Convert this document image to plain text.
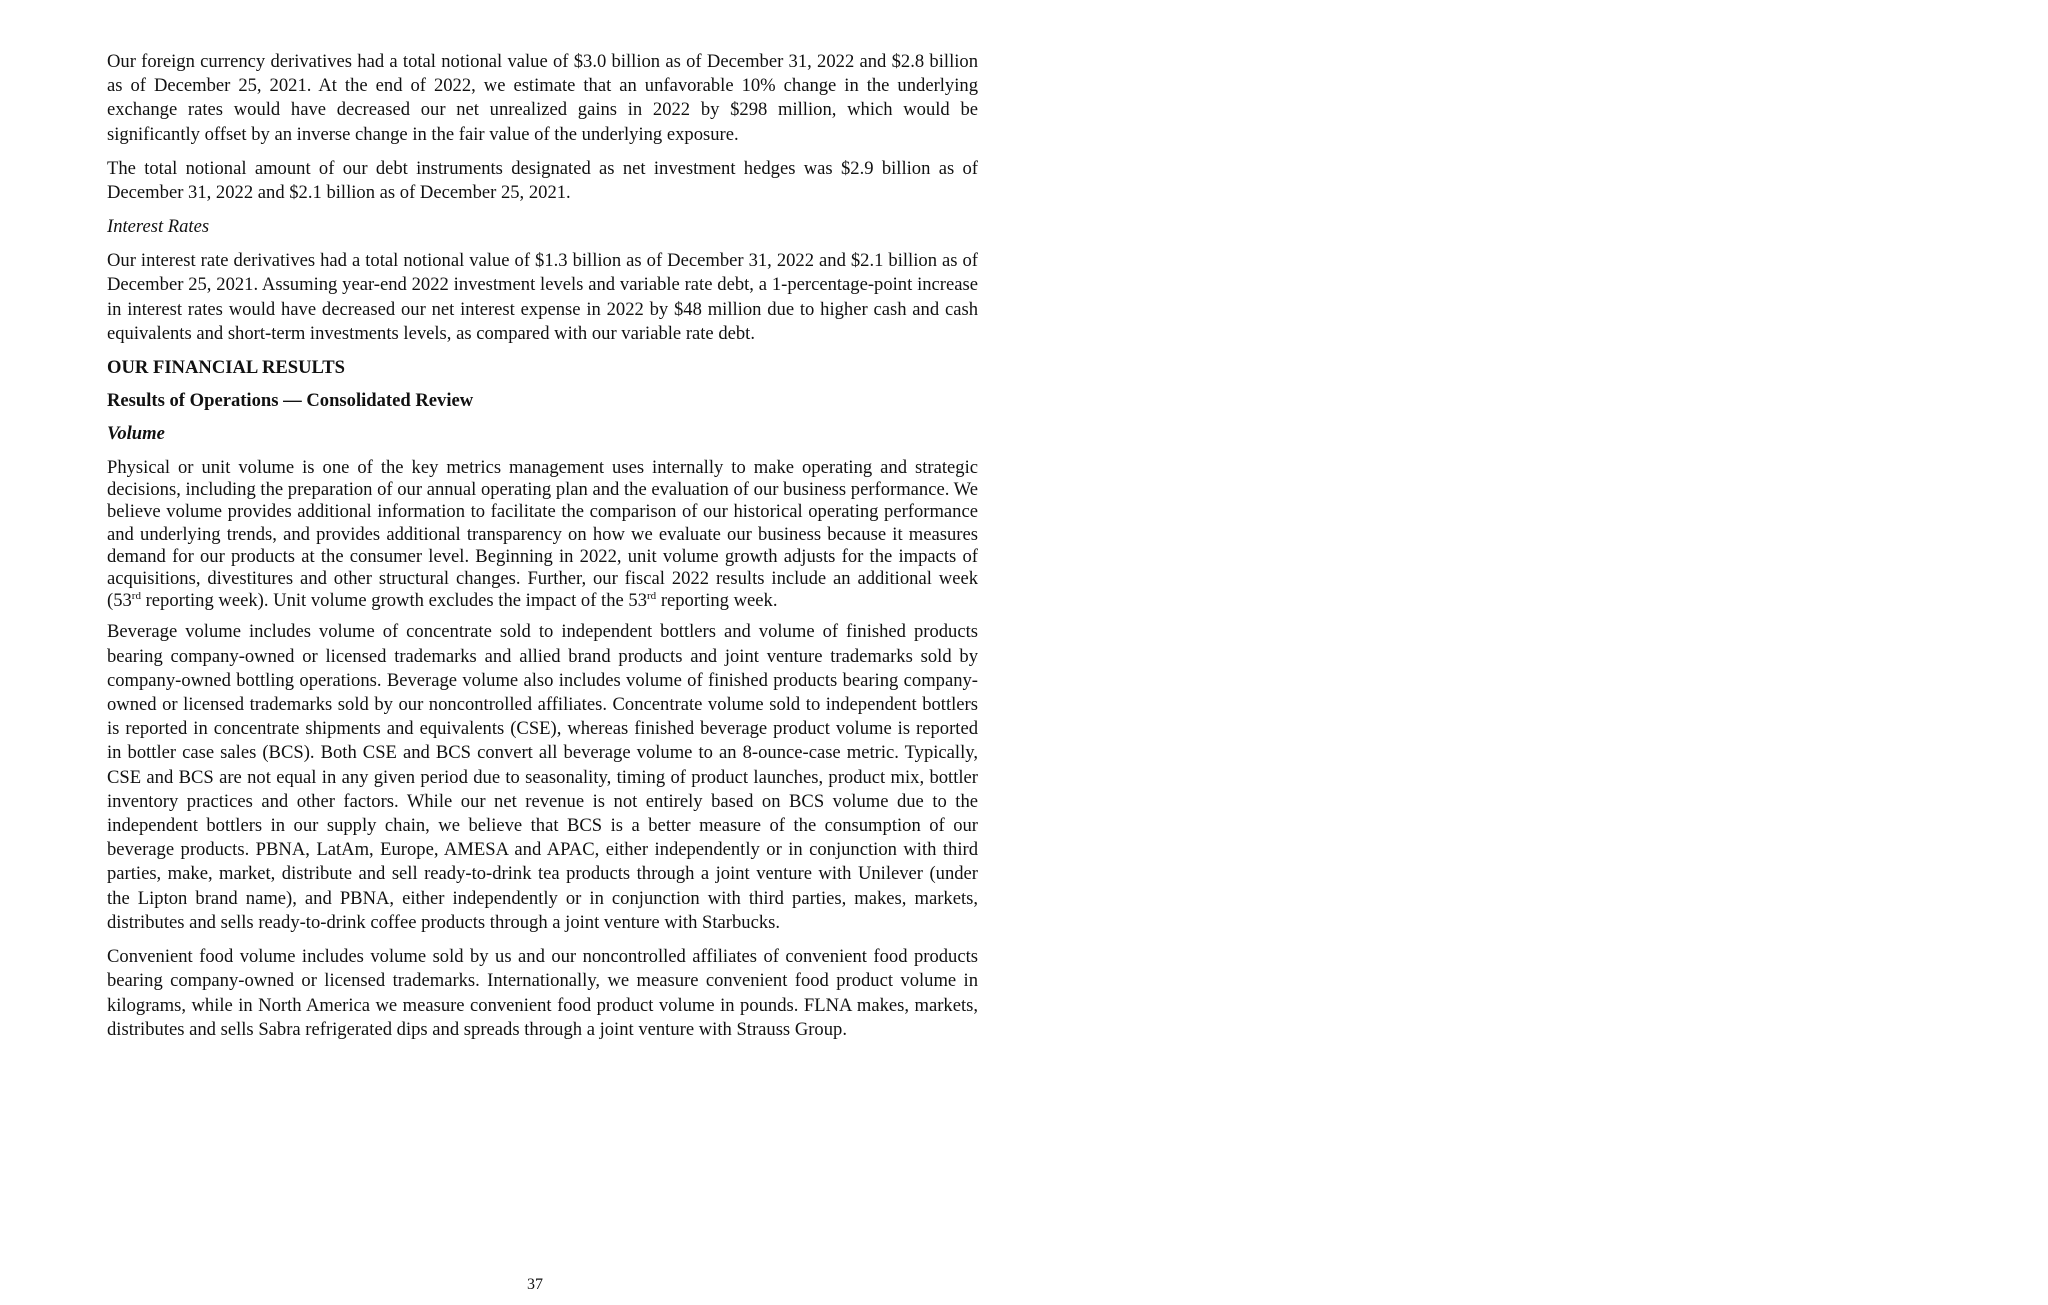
Our foreign currency derivatives had a total notional value of $3.0 billion as of December 31, 2022 and $2.8 billion as of December 25, 2021. At the end of 2022, we estimate that an unfavorable 10% change in the underlying exchange rates would have decreased our net unrealized gains in 2022 by $298 million, which would be significantly offset by an inverse change in the fair value of the underlying exposure.

The total notional amount of our debt instruments designated as net investment hedges was $2.9 billion as of December 31, 2022 and $2.1 billion as of December 25, 2021.

Interest Rates

Our interest rate derivatives had a total notional value of $1.3 billion as of December 31, 2022 and $2.1 billion as of December 25, 2021. Assuming year-end 2022 investment levels and variable rate debt, a 1-percentage-point increase in interest rates would have decreased our net interest expense in 2022 by $48 million due to higher cash and cash equivalents and short-term investments levels, as compared with our variable rate debt.

OUR FINANCIAL RESULTS
Results of Operations — Consolidated Review
Volume

Physical or unit volume is one of the key metrics management uses internally to make operating and strategic decisions, including the preparation of our annual operating plan and the evaluation of our business performance. We believe volume provides additional information to facilitate the comparison of our historical operating performance and underlying trends, and provides additional transparency on how we evaluate our business because it measures demand for our products at the consumer level. Beginning in 2022, unit volume growth adjusts for the impacts of acquisitions, divestitures and other structural changes. Further, our fiscal 2022 results include an additional week (53rd reporting week). Unit volume growth excludes the impact of the 53rd reporting week.

Beverage volume includes volume of concentrate sold to independent bottlers and volume of finished products bearing company-owned or licensed trademarks and allied brand products and joint venture trademarks sold by company-owned bottling operations. Beverage volume also includes volume of finished products bearing company-owned or licensed trademarks sold by our noncontrolled affiliates. Concentrate volume sold to independent bottlers is reported in concentrate shipments and equivalents (CSE), whereas finished beverage product volume is reported in bottler case sales (BCS). Both CSE and BCS convert all beverage volume to an 8-ounce-case metric. Typically, CSE and BCS are not equal in any given period due to seasonality, timing of product launches, product mix, bottler inventory practices and other factors. While our net revenue is not entirely based on BCS volume due to the independent bottlers in our supply chain, we believe that BCS is a better measure of the consumption of our beverage products. PBNA, LatAm, Europe, AMESA and APAC, either independently or in conjunction with third parties, make, market, distribute and sell ready-to-drink tea products through a joint venture with Unilever (under the Lipton brand name), and PBNA, either independently or in conjunction with third parties, makes, markets, distributes and sells ready-to-drink coffee products through a joint venture with Starbucks.

Convenient food volume includes volume sold by us and our noncontrolled affiliates of convenient food products bearing company-owned or licensed trademarks. Internationally, we measure convenient food product volume in kilograms, while in North America we measure convenient food product volume in pounds. FLNA makes, markets, distributes and sells Sabra refrigerated dips and spreads through a joint venture with Strauss Group.

37
